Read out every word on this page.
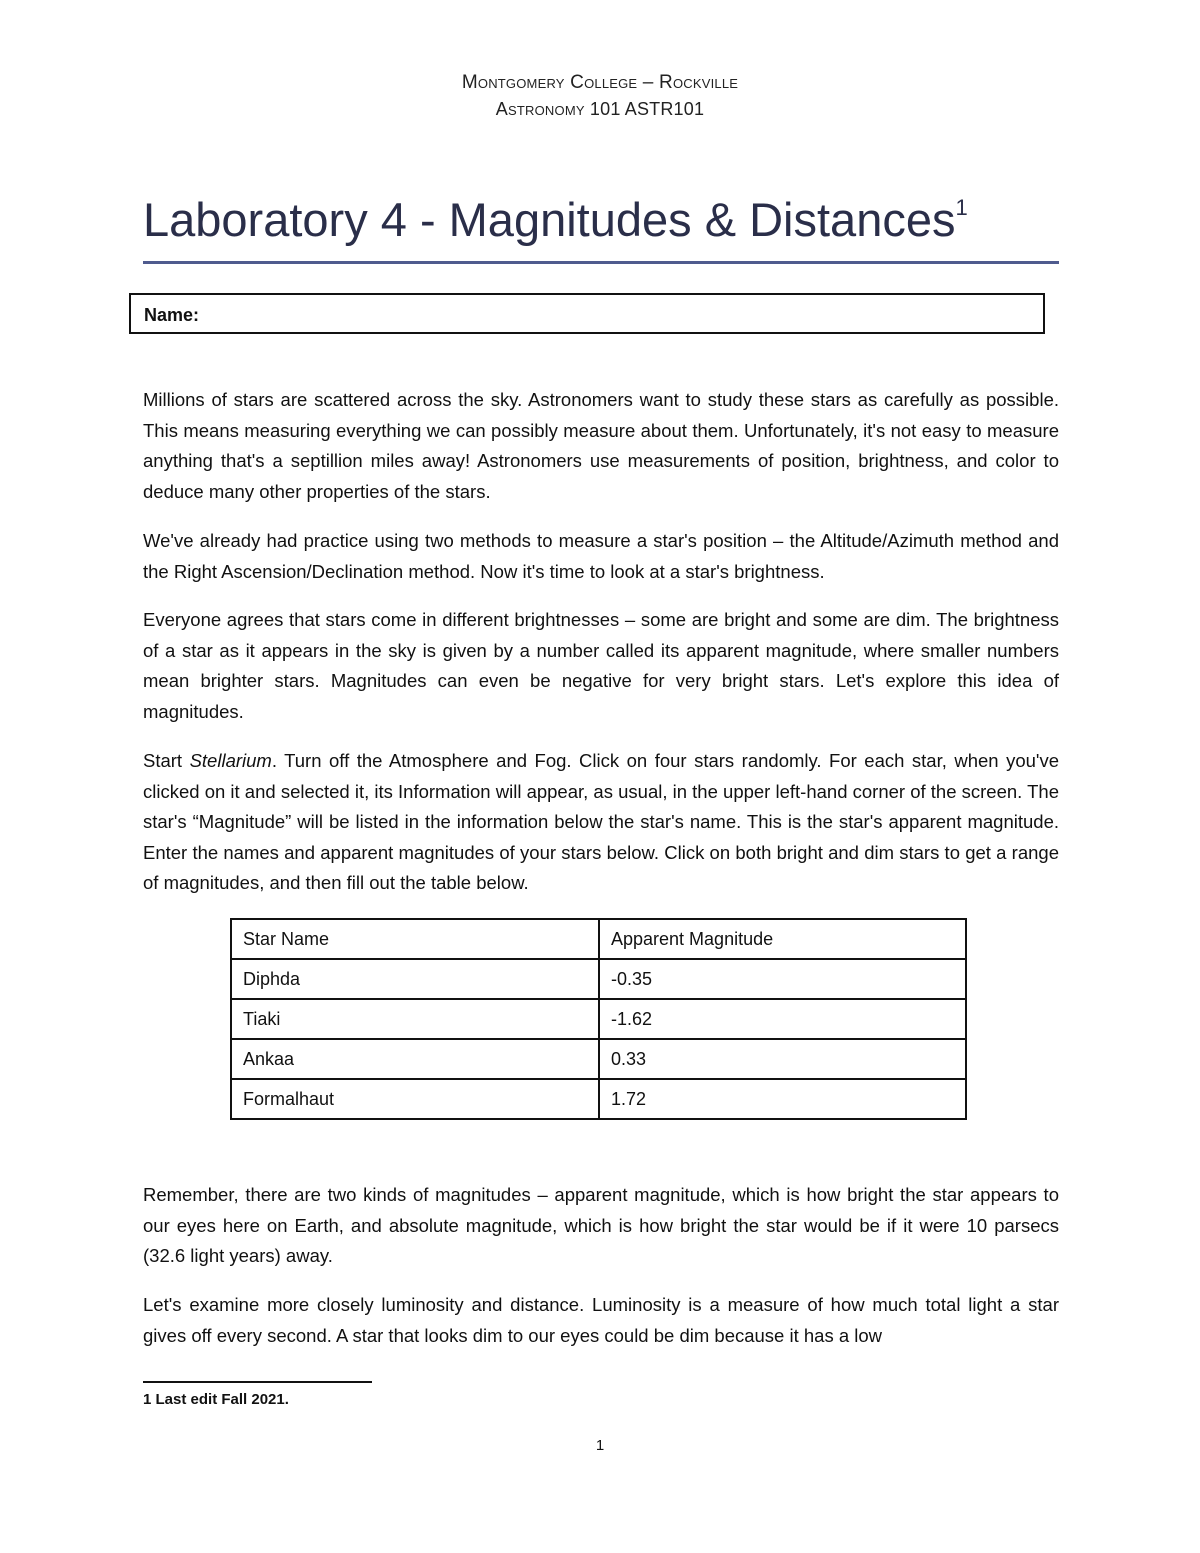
Montgomery College – Rockville
Astronomy 101 ASTR101
Laboratory 4 - Magnitudes & Distances$^1$
Name:

Millions of stars are scattered across the sky. Astronomers want to study these stars as carefully as possible. This means measuring everything we can possibly measure about them. Unfortunately, it's not easy to measure anything that's a septillion miles away! Astronomers use measurements of position, brightness, and color to deduce many other properties of the stars.

We've already had practice using two methods to measure a star's position – the Altitude/Azimuth method and the Right Ascension/Declination method. Now it's time to look at a star's brightness.

Everyone agrees that stars come in different brightnesses – some are bright and some are dim. The brightness of a star as it appears in the sky is given by a number called its apparent magnitude, where smaller numbers mean brighter stars. Magnitudes can even be negative for very bright stars. Let's explore this idea of magnitudes.

Start Stellarium. Turn off the Atmosphere and Fog. Click on four stars randomly. For each star, when you've clicked on it and selected it, its Information will appear, as usual, in the upper left-hand corner of the screen. The star's “Magnitude” will be listed in the information below the star's name. This is the star's apparent magnitude. Enter the names and apparent magnitudes of your stars below. Click on both bright and dim stars to get a range of magnitudes, and then fill out the table below.

Star Name	Apparent Magnitude
Diphda	-0.35
Tiaki	-1.62
Ankaa	0.33
Formalhaut	1.72

Remember, there are two kinds of magnitudes – apparent magnitude, which is how bright the star appears to our eyes here on Earth, and absolute magnitude, which is how bright the star would be if it were 10 parsecs (32.6 light years) away.

Let's examine more closely luminosity and distance. Luminosity is a measure of how much total light a star gives off every second. A star that looks dim to our eyes could be dim because it has a low

1 Last edit Fall 2021.
1
